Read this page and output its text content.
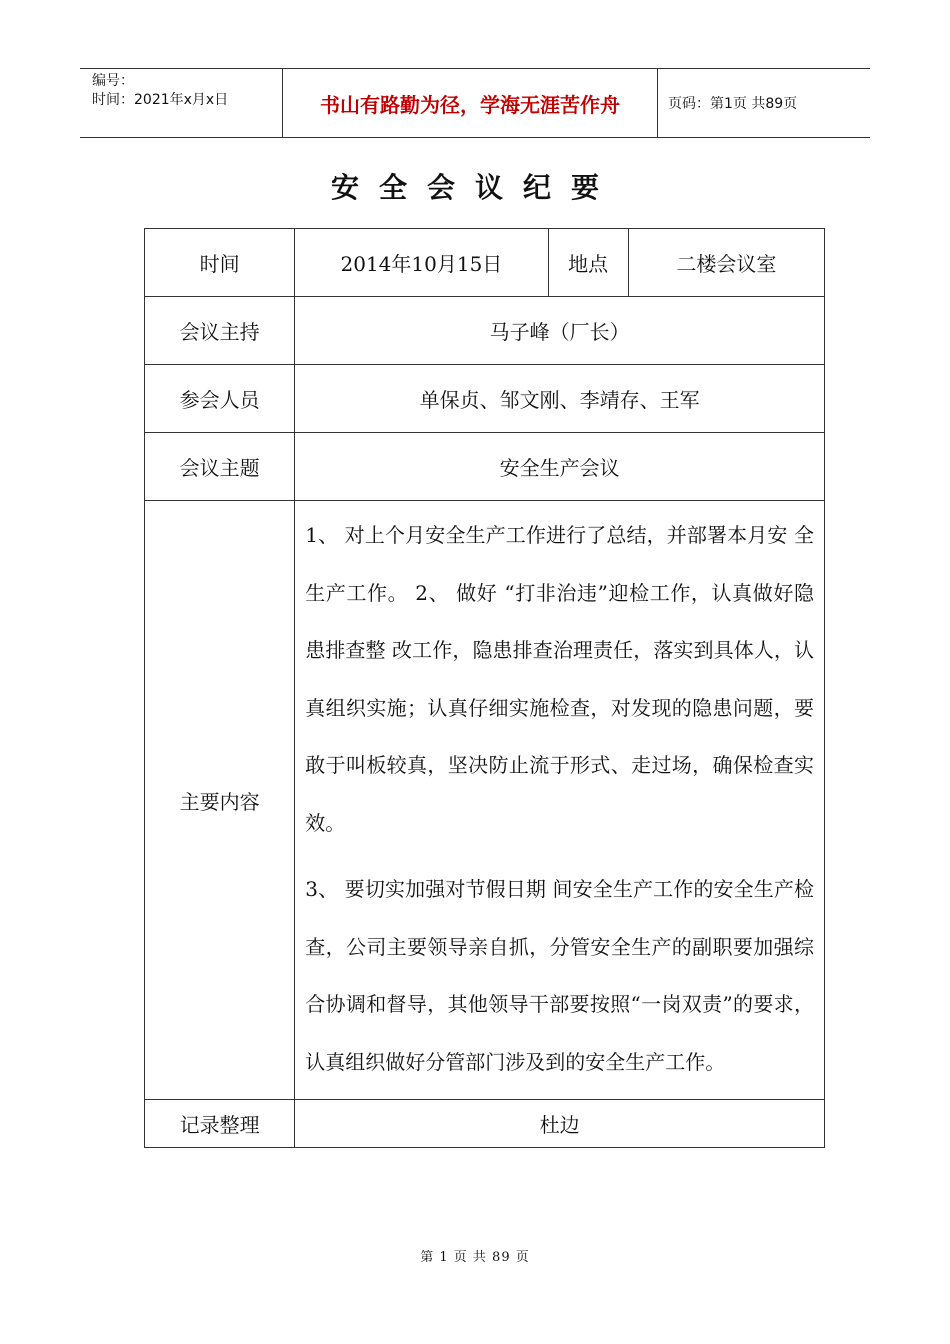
编号：
时间：2021年x月x日	书山有路勤为径，学海无涯苦作舟	页码：第1页 共89页
安全会议纪要
时间	2014年10月15日	地点	二楼会议室
会议主持	马子峰（厂长）		
参会人员	单保贞、邹文刚、李靖存、王军		
会议主题	安全生产会议		
主要内容	1、 对上个月安全生产工作进行了总结，并部署本月安 全生产工作。 2、 做好 “打非治违”迎检工作，认真做好隐患排查整 改工作，隐患排查治理责任，落实到具体人，认真组织实施；认真仔细实施检查，对发现的隐患问题，要敢于叫板较真，坚决防止流于形式、走过场，确保检查实效。

3、 要切实加强对节假日期 间安全生产工作的安全生产检查，公司主要领导亲自抓，分管安全生产的副职要加强综合协调和督导，其他领导干部要按照“一岗双责”的要求，认真组织做好分管部门涉及到的安全生产工作。		

记录整理	杜边		
第 1 页 共 89 页
